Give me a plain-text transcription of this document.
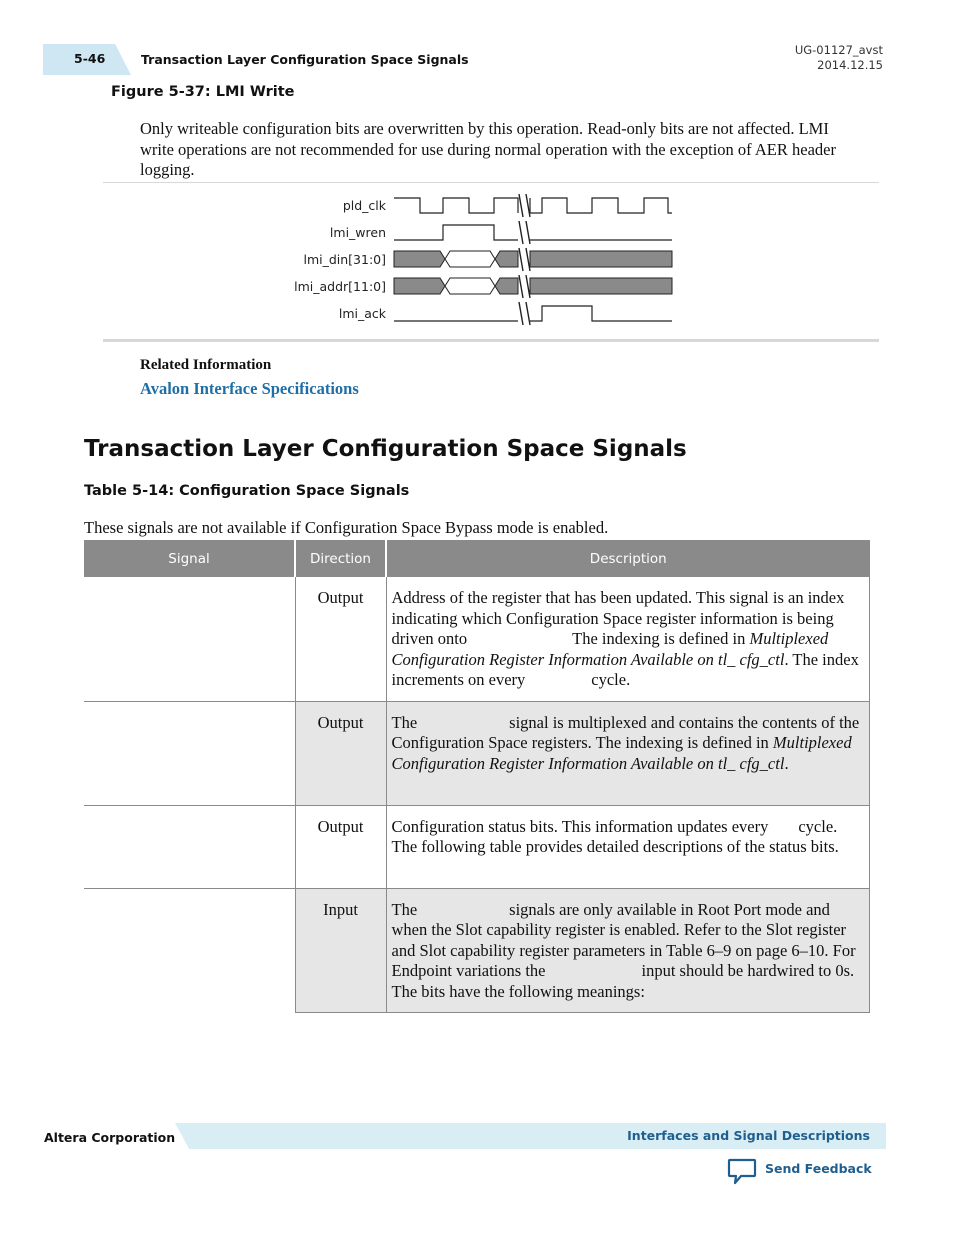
5-46	Transaction Layer Configuration Space Signals
UG-01127_avst
2014.12.15
Figure 5-37: LMI Write
Only writeable configuration bits are overwritten by this operation. Read-only bits are not affected. LMI write operations are not recommended for use during normal operation with the exception of AER header logging.
pld_clk
lmi_wren
lmi_din[31:0]
lmi_addr[11:0]
lmi_ack
Related Information
Avalon Interface Specifications
Transaction Layer Configuration Space Signals
Table 5-14: Configuration Space Signals
These signals are not available if Configuration Space Bypass mode is enabled.
Signal	Direction	Description
	Output	Address of the register that has been updated. This signal is an index indicating which Configuration Space register information is being driven onto The indexing is defined in Multiplexed Configuration Register Information Available on tl_ cfg_ctl. The index increments on every cycle.
	Output	The signal is multiplexed and contains the contents of the Configuration Space registers. The indexing is defined in Multiplexed Configuration Register Information Available on tl_ cfg_ctl.
	Output	Configuration status bits. This information updates every cycle. The following table provides detailed descriptions of the status bits.
	Input	The signals are only available in Root Port mode and when the Slot capability register is enabled. Refer to the Slot register and Slot capability register parameters in Table 6–9 on page 6–10. For Endpoint variations the input should be hardwired to 0s. The bits have the following meanings:
Altera Corporation	Interfaces and Signal Descriptions
Send Feedback
